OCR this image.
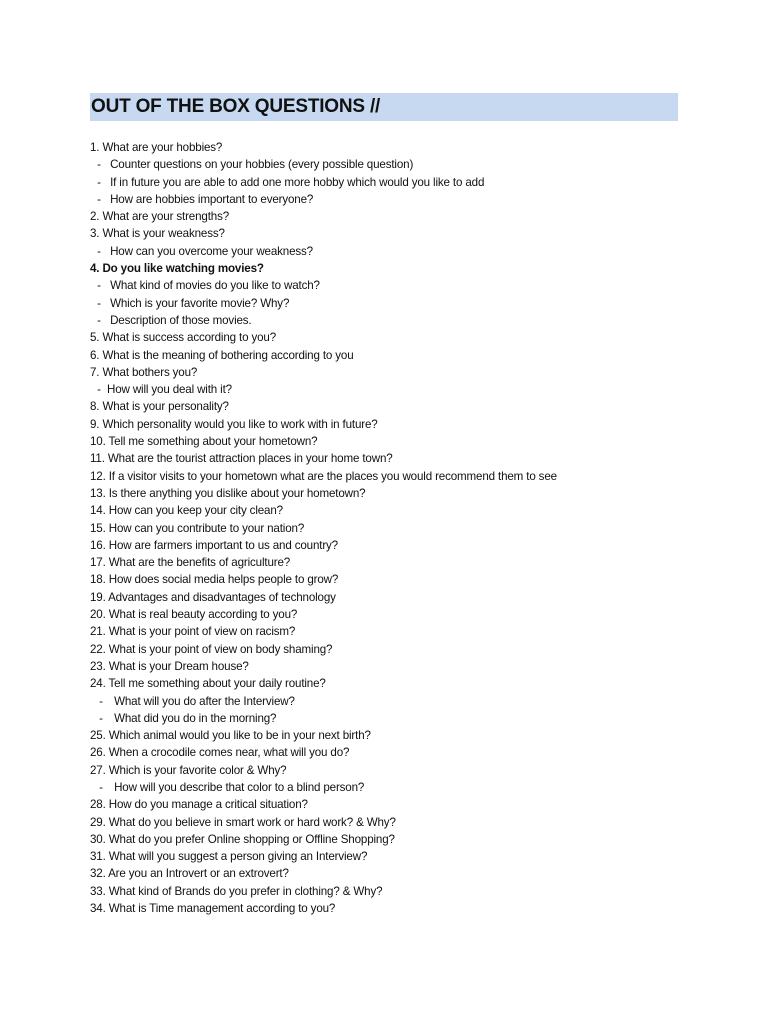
OUT OF THE BOX QUESTIONS //
1. What are your hobbies?
- Counter questions on your hobbies (every possible question)
- If in future you are able to add one more hobby which would you like to add
- How are hobbies important to everyone?
2. What are your strengths?
3. What is your weakness?
- How can you overcome your weakness?
4. Do you like watching movies?
- What kind of movies do you like to watch?
- Which is your favorite movie? Why?
- Description of those movies.
5. What is success according to you?
6. What is the meaning of bothering according to you
7. What bothers you?
- How will you deal with it?
8. What is your personality?
9. Which personality would you like to work with in future?
10. Tell me something about your hometown?
11. What are the tourist attraction places in your home town?
12. If a visitor visits to your hometown what are the places you would recommend them to see
13. Is there anything you dislike about your hometown?
14. How can you keep your city clean?
15. How can you contribute to your nation?
16. How are farmers important to us and country?
17. What are the benefits of agriculture?
18. How does social media helps people to grow?
19. Advantages and disadvantages of technology
20. What is real beauty according to you?
21. What is your point of view on racism?
22. What is your point of view on body shaming?
23. What is your Dream house?
24. Tell me something about your daily routine?
- What will you do after the Interview?
- What did you do in the morning?
25. Which animal would you like to be in your next birth?
26. When a crocodile comes near, what will you do?
27. Which is your favorite color & Why?
- How will you describe that color to a blind person?
28. How do you manage a critical situation?
29. What do you believe in smart work or hard work? & Why?
30. What do you prefer Online shopping or Offline Shopping?
31. What will you suggest a person giving an Interview?
32. Are you an Introvert or an extrovert?
33. What kind of Brands do you prefer in clothing? & Why?
34. What is Time management according to you?
